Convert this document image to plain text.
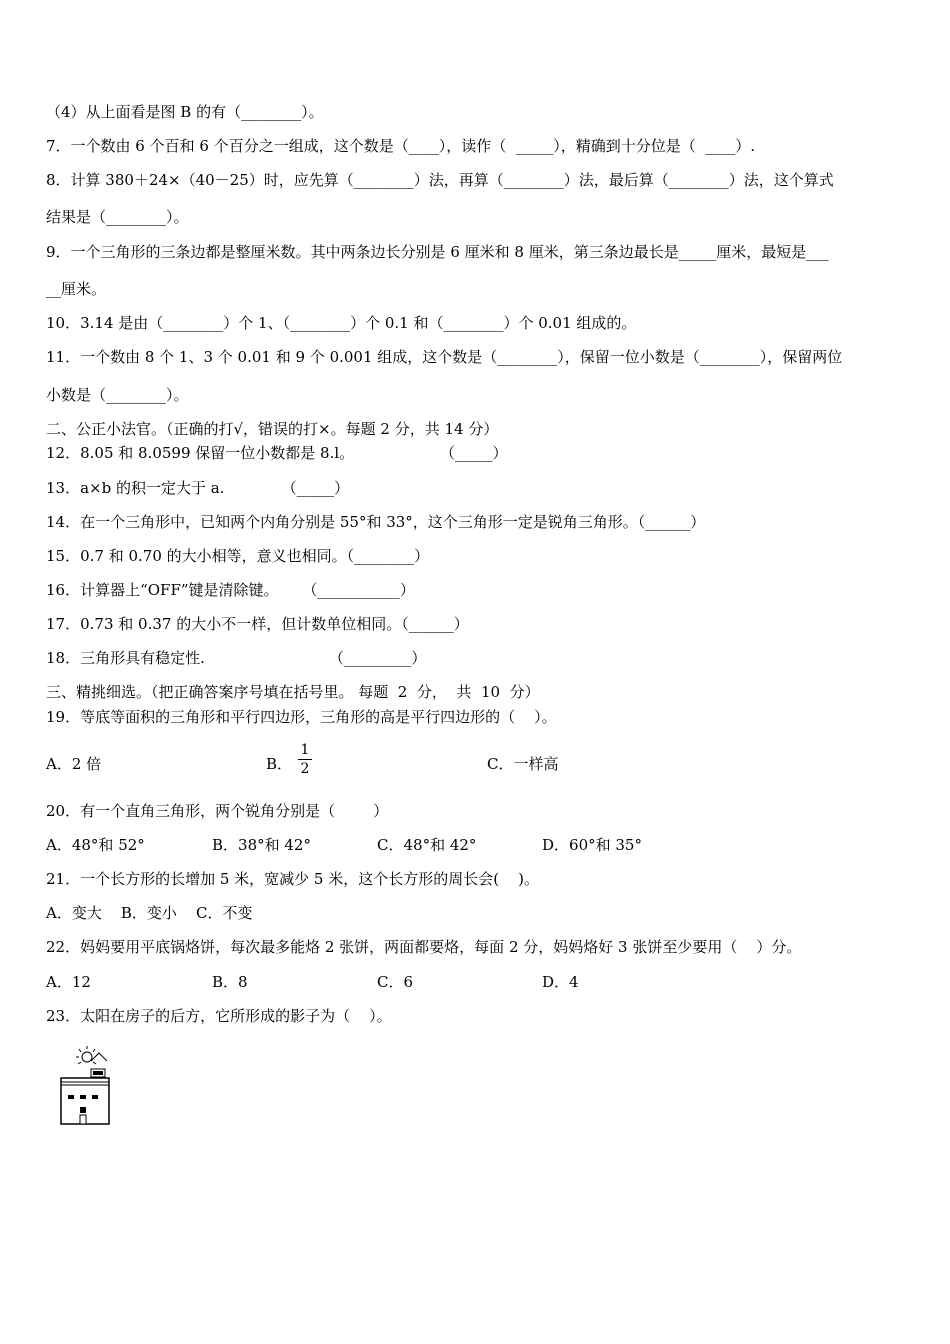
（4）从上面看是图 B 的有（________）。
7．一个数由 6 个百和 6 个百分之一组成，这个数是（____），读作（  _____），精确到十分位是（  ____）.
8．计算 380＋24×（40－25）时，应先算（________）法，再算（________）法，最后算（________）法，这个算式
结果是（________）。
9．一个三角形的三条边都是整厘米数。其中两条边长分别是 6 厘米和 8 厘米，第三条边最长是_____厘米，最短是___
__厘米。
10．3.14 是由（________）个 1、（________）个 0.1 和（________）个 0.01 组成的。
11．一个数由 8 个 1、3 个 0.01 和 9 个 0.001 组成，这个数是（________），保留一位小数是（________），保留两位
小数是（________）。
二、公正小法官。（正确的打√，错误的打×。每题 2 分，共 14 分）
12．8.05 和 8.0599 保留一位小数都是 8.l。                  （_____）
13．a×b 的积一定大于 a.            （_____）
14．在一个三角形中，已知两个内角分别是 55°和 33°，这个三角形一定是锐角三角形。（______）
15．0.7 和 0.70 的大小相等，意义也相同。（________）
16．计算器上“OFF”键是清除键。     （___________）
17．0.73 和 0.37 的大小不一样，但计数单位相同。（______）
18．三角形具有稳定性.                          （_________）
三、精挑细选。（把正确答案序号填在括号里。 每题  2  分，  共  10  分）
19．等底等面积的三角形和平行四边形，三角形的高是平行四边形的（    ）。
A．2 倍	B．
1
2	C．一样高
20．有一个直角三角形，两个锐角分别是（        ）
A．48°和 52°	B．38°和 42°	C．48°和 42°	D．60°和 35°
21．一个长方形的长增加 5 米，宽减少 5 米，这个长方形的周长会(    )。
A．变大    B．变小    C．不变
22．妈妈要用平底锅烙饼，每次最多能烙 2 张饼，两面都要烙，每面 2 分，妈妈烙好 3 张饼至少要用（    ）分。
A．12	B．8	C．6	D．4
23．太阳在房子的后方，它所形成的影子为（    ）。
